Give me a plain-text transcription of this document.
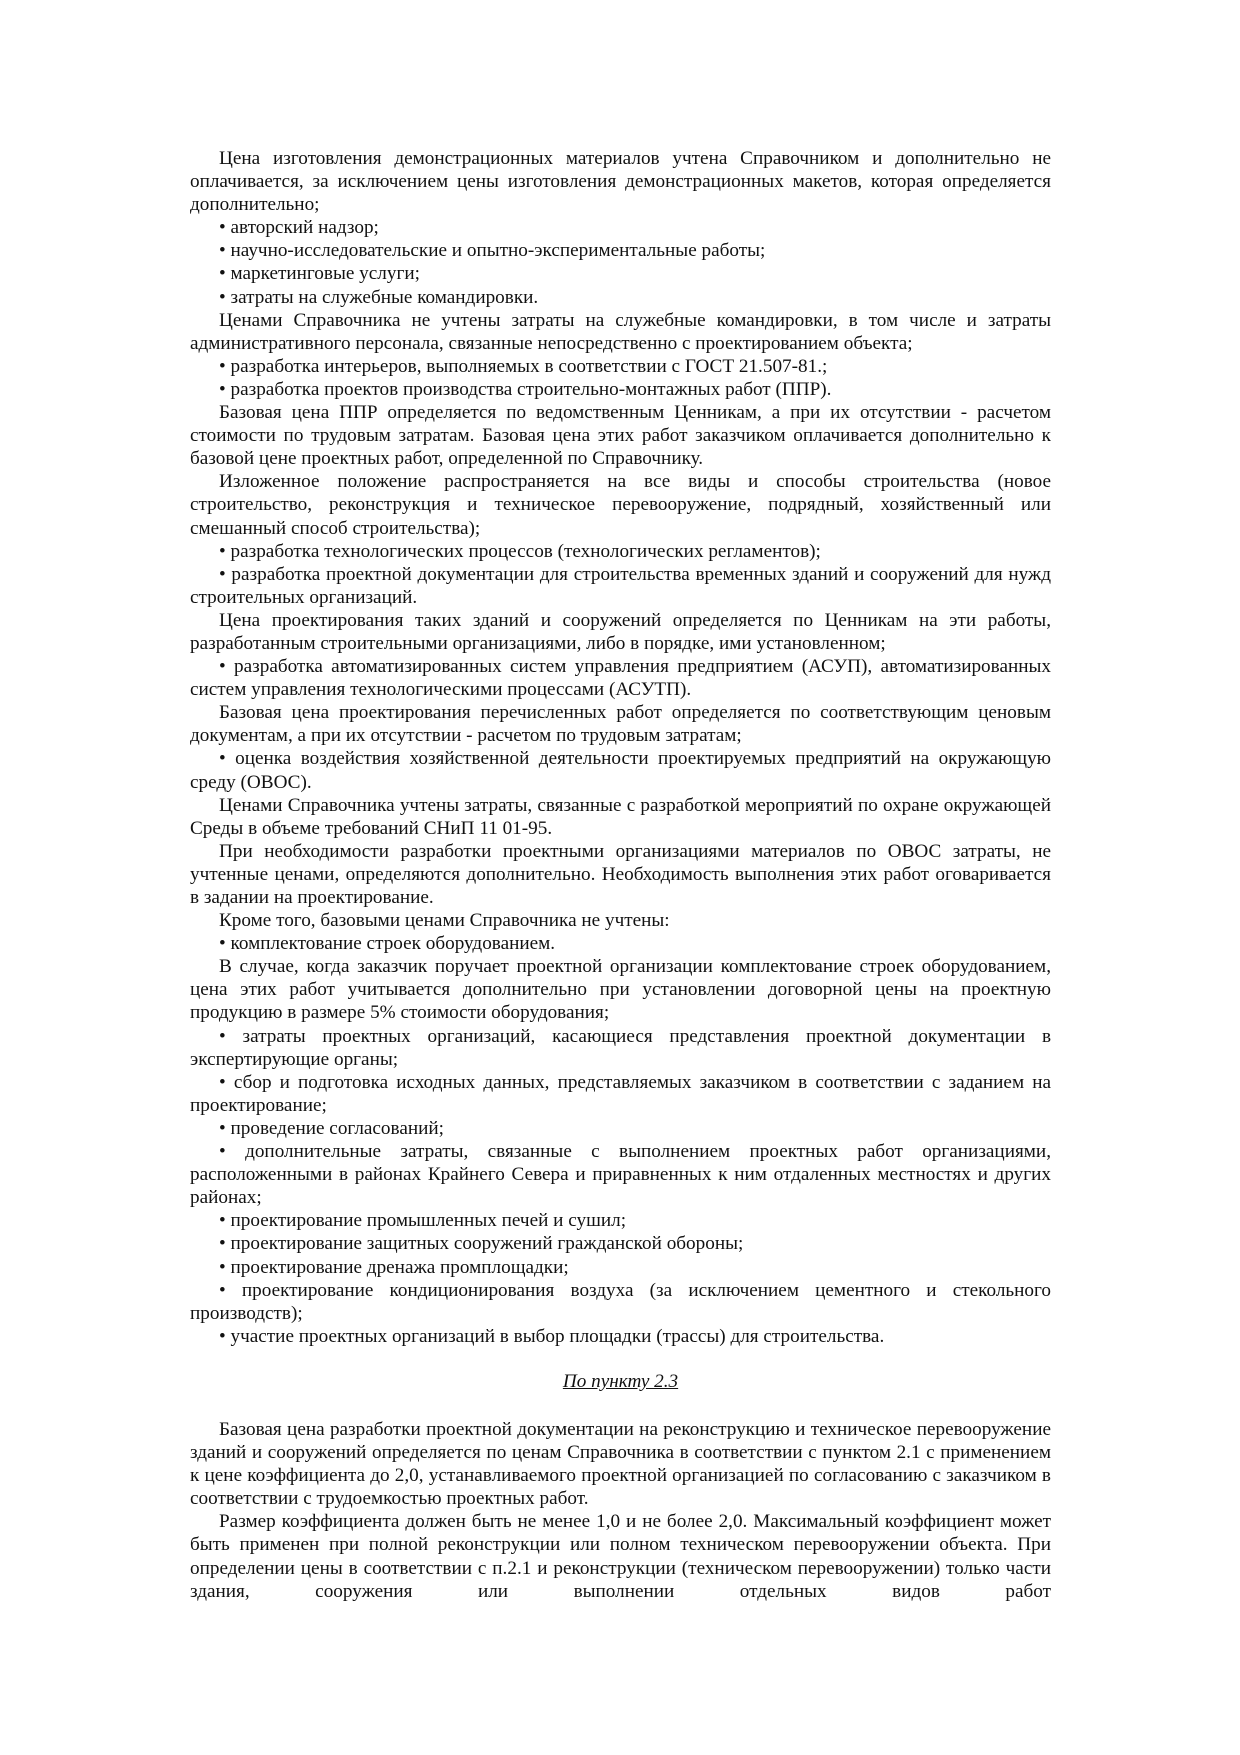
Цена изготовления демонстрационных материалов учтена Справочником и дополнительно не оплачивается, за исключением цены изготовления демонстрационных макетов, которая определяется дополнительно;

• авторский надзор;

• научно-исследовательские и опытно-экспериментальные работы;

• маркетинговые услуги;

• затраты на служебные командировки.

Ценами Справочника не учтены затраты на служебные командировки, в том числе и затраты административного персонала, связанные непосредственно с проектированием объекта;

• разработка интерьеров, выполняемых в соответствии с ГОСТ 21.507-81.;

• разработка проектов производства строительно-монтажных работ (ППР).

Базовая цена ППР определяется по ведомственным Ценникам, а при их отсутствии - расчетом стоимости по трудовым затратам. Базовая цена этих работ заказчиком оплачивается дополнительно к базовой цене проектных работ, определенной по Справочнику.

Изложенное положение распространяется на все виды и способы строительства (новое строительство, реконструкция и техническое перевооружение, подрядный, хозяйственный или смешанный способ строительства);

• разработка технологических процессов (технологических регламентов);

• разработка проектной документации для строительства временных зданий и сооружений для нужд строительных организаций.

Цена проектирования таких зданий и сооружений определяется по Ценникам на эти работы, разработанным строительными организациями, либо в порядке, ими установленном;

• разработка автоматизированных систем управления предприятием (АСУП), автоматизированных систем управления технологическими процессами (АСУТП).

Базовая цена проектирования перечисленных работ определяется по соответствующим ценовым документам, а при их отсутствии - расчетом по трудовым затратам;

• оценка воздействия хозяйственной деятельности проектируемых предприятий на окружающую среду (ОВОС).

Ценами Справочника учтены затраты, связанные с разработкой мероприятий по охране окружающей Среды в объеме требований СНиП 11 01-95.

При необходимости разработки проектными организациями материалов по ОВОС затраты, не учтенные ценами, определяются дополнительно. Необходимость выполнения этих работ оговаривается в задании на проектирование.

Кроме того, базовыми ценами Справочника не учтены:

• комплектование строек оборудованием.

В случае, когда заказчик поручает проектной организации комплектование строек оборудованием, цена этих работ учитывается дополнительно при установлении договорной цены на проектную продукцию в размере 5% стоимости оборудования;

• затраты проектных организаций, касающиеся представления проектной документации в экспертирующие органы;

• сбор и подготовка исходных данных, представляемых заказчиком в соответствии с заданием на проектирование;

• проведение согласований;

• дополнительные затраты, связанные с выполнением проектных работ организациями, расположенными в районах Крайнего Севера и приравненных к ним отдаленных местностях и других районах;

• проектирование промышленных печей и сушил;

• проектирование защитных сооружений гражданской обороны;

• проектирование дренажа промплощадки;

• проектирование кондиционирования воздуха (за исключением цементного и стекольного производств);

• участие проектных организаций в выбор площадки (трассы) для строительства.

По пункту 2.3

Базовая цена разработки проектной документации на реконструкцию и техническое перевооружение зданий и сооружений определяется по ценам Справочника в соответствии с пунктом 2.1 с применением к цене коэффициента до 2,0, устанавливаемого проектной организацией по согласованию с заказчиком в соответствии с трудоемкостью проектных работ.

Размер коэффициента должен быть не менее 1,0 и не более 2,0. Максимальный коэффициент может быть применен при полной реконструкции или полном техническом перевооружении объекта. При определении цены в соответствии с п.2.1 и реконструкции (техническом перевооружении) только части здания, сооружения или выполнении отдельных видов работ
